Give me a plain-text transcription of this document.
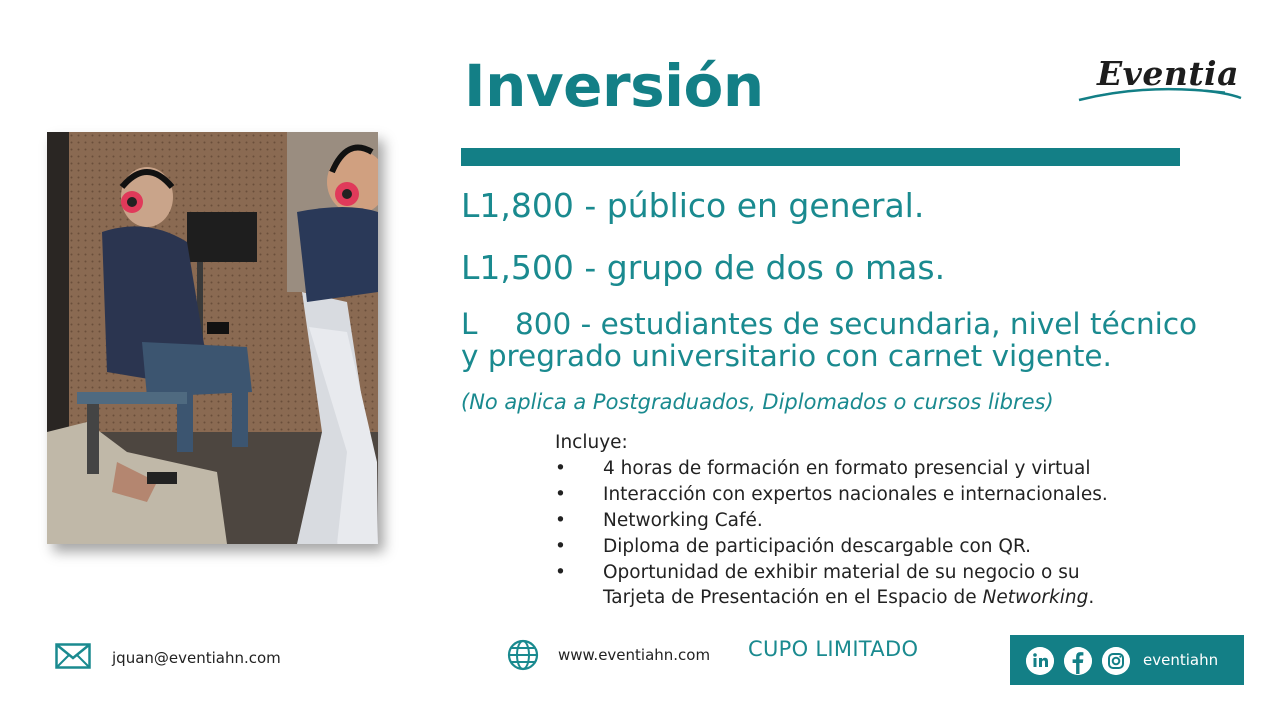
Inversión	Eventia
L1,800 - público en general.
L1,500 - grupo de dos o mas.
L    800 - estudiantes de secundaria, nivel técnico
y pregrado universitario con carnet vigente.
(No aplica a Postgraduados, Diplomados o cursos libres)
Incluye:
• 4 horas de formación en formato presencial y virtual
• Interacción con expertos nacionales e internacionales.
• Networking Café.
• Diploma de participación descargable con QR.
• Oportunidad de exhibir material de su negocio o su
Tarjeta de Presentación en el Espacio de Networking.
jquan@eventiahn.com	www.eventiahn.com CUPO LIMITADO	eventiahn
